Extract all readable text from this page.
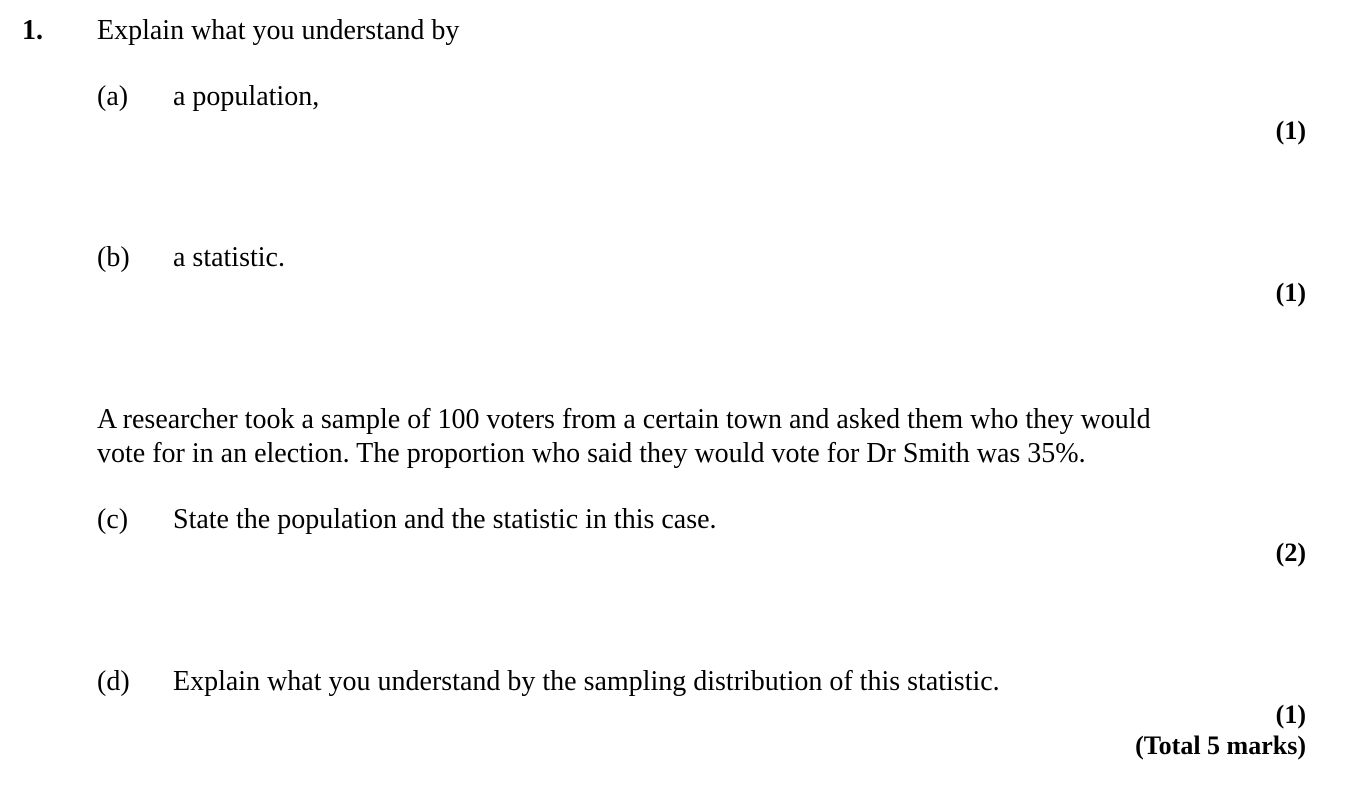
1. Explain what you understand by
(a) a population,
(1)
(b) a statistic.
(1)
A researcher took a sample of 100 voters from a certain town and asked them who they would
vote for in an election. The proportion who said they would vote for Dr Smith was 35%.
(c) State the population and the statistic in this case.
(2)
(d) Explain what you understand by the sampling distribution of this statistic.
(1)
(Total 5 marks)
